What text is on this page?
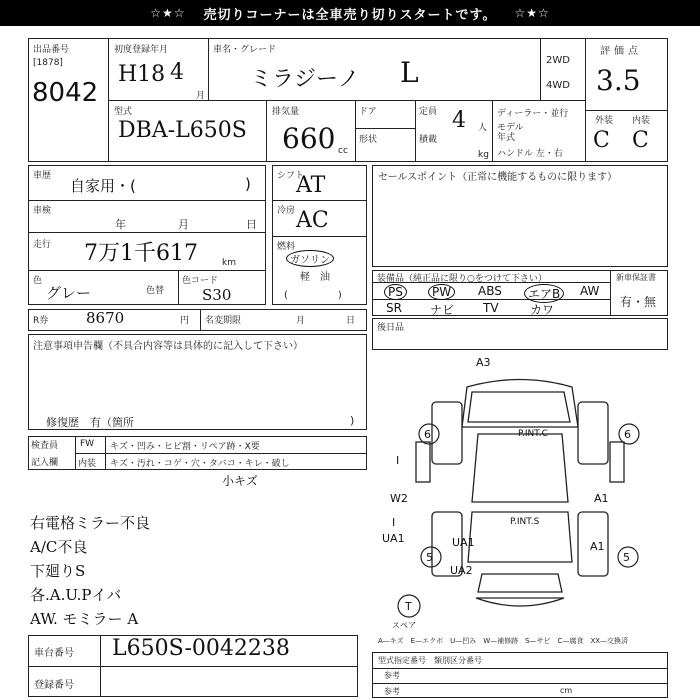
☆★☆ 売切りコーナーは全車売り切りスタートです。 ☆★☆
出品番号
[1878]
8042
初度登録年月
H18 4
月
車名・グレード
ミラジーノ L	2WD
4WD
評価点
3.5
外装 内装
C C
型式
DBA-L650S
排気量
660 cc
ドア
形状
定員 4 人
積載
kg
ディーラー・並行
モデル
年式
ハンドル 左・右
車歴
自家用・(	)
車検
年	月	日
走行 7万1千617	km
色
グレー	色替
色コード
S30
シフト
AT
冷房 AC
燃料
ガソリン
軽　油
(　　　　　)
セールスポイント（正常に機能するものに限ります）
装備品（純正品に限り○をつけて下さい）
PS	PW	ABS	エアB	AW
SR ナビ TV	カワ
新車保証書
有・無
R券	8670	円 名変期限	月	日
後日品
注意事項申告欄（不具合内容等は具体的に記入して下さい）
修復歴　有（箇所	)
検査員
記入欄
FW キズ・凹み・ヒビ割・リペア跡・X要
内装 キズ・汚れ・コゲ・穴・タバコ・キレ・破し
小キズ
右電格ミラー不良
A/C不良
下廻りS
各.A.U.Pイバ
AW. モミラー A
車台番号 L650S-0042238
登録番号
A3
P.INT.C
6	6
W2	A1
P.INT.S
UA1	UA1	A1
5	5
UA2
T
I
I
スペア
A—キズ　E—エクボ　U—凹み　W—補修跡　S—サビ　C—腐食　XX—交換済
型式指定番号　類別区分番号
参考
参考	cm
